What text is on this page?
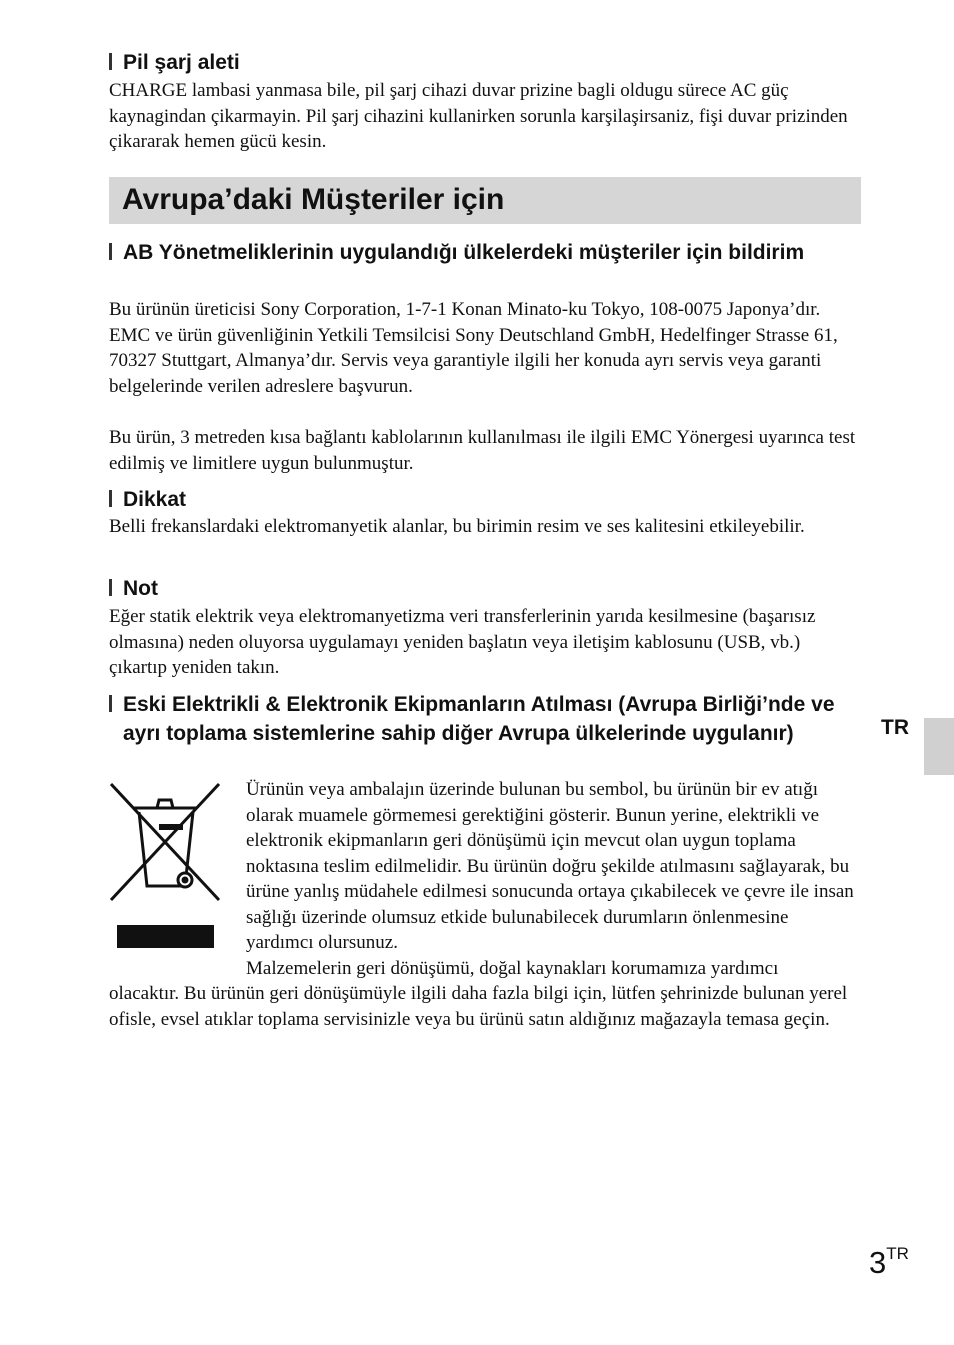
Pil şarj aleti

CHARGE lambasi yanmasa bile, pil şarj cihazi duvar prizine bagli oldugu sürece AC güç kaynagindan çikarmayin. Pil şarj cihazini kullanirken sorunla karşilaşirsaniz, fişi duvar prizinden çikararak hemen gücü kesin.

Avrupa’daki Müşteriler için
AB Yönetmeliklerinin uygulandığı ülkelerdeki müşteriler için bildirim

Bu ürünün üreticisi Sony Corporation, 1-7-1 Konan Minato-ku Tokyo, 108-0075 Japonya’dır. EMC ve ürün güvenliğinin Yetkili Temsilcisi Sony Deutschland GmbH, Hedelfinger Strasse 61, 70327 Stuttgart, Almanya’dır. Servis veya garantiyle ilgili her konuda ayrı servis veya garanti belgelerinde verilen adreslere başvurun.

Bu ürün, 3 metreden kısa bağlantı kablolarının kullanılması ile ilgili EMC Yönergesi uyarınca test edilmiş ve limitlere uygun bulunmuştur.

Dikkat

Belli frekanslardaki elektromanyetik alanlar, bu birimin resim ve ses kalitesini etkileyebilir.

Not

Eğer statik elektrik veya elektromanyetizma veri transferlerinin yarıda kesilmesine (başarısız olmasına) neden oluyorsa uygulamayı yeniden başlatın veya iletişim kablosunu (USB, vb.) çıkartıp yeniden takın.

Eski Elektrikli & Elektronik Ekipmanların Atılması (Avrupa Birliği’nde ve ayrı toplama sistemlerine sahip diğer Avrupa ülkelerinde uygulanır)

Ürünün veya ambalajın üzerinde bulunan bu sembol, bu ürünün bir ev atığı olarak muamele görmemesi gerektiğini gösterir. Bunun yerine, elektrikli ve elektronik ekipmanların geri dönüşümü için mevcut olan uygun toplama noktasına teslim edilmelidir. Bu ürünün doğru şekilde atılmasını sağlayarak, bu ürüne yanlış müdahele edilmesi sonucunda ortaya çıkabilecek ve çevre ile insan sağlığı üzerinde olumsuz etkide bulunabilecek durumların önlenmesine yardımcı olursunuz.
Malzemelerin geri dönüşümü, doğal kaynakları korumamıza yardımcı

olacaktır. Bu ürünün geri dönüşümüyle ilgili daha fazla bilgi için, lütfen şehrinizde bulunan yerel ofisle, evsel atıklar toplama servisinizle veya bu ürünü satın aldığınız mağazayla temasa geçin.

TR
$3^{TR}$
